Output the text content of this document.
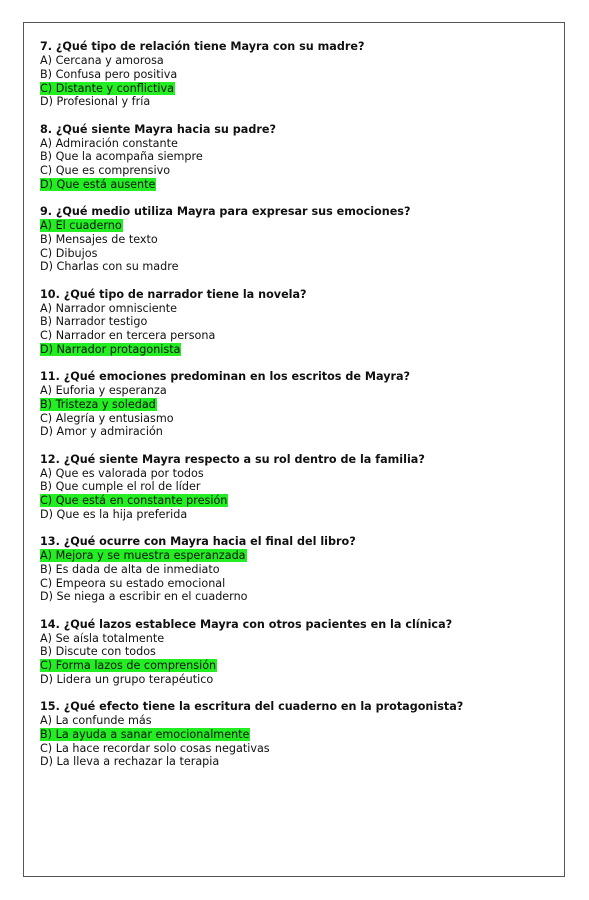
7. ¿Qué tipo de relación tiene Mayra con su madre?
A) Cercana y amorosa
B) Confusa pero positiva
C) Distante y conflictiva
D) Profesional y fría
8. ¿Qué siente Mayra hacia su padre?
A) Admiración constante
B) Que la acompaña siempre
C) Que es comprensivo
D) Que está ausente
9. ¿Qué medio utiliza Mayra para expresar sus emociones?
A) El cuaderno
B) Mensajes de texto
C) Dibujos
D) Charlas con su madre
10. ¿Qué tipo de narrador tiene la novela?
A) Narrador omnisciente
B) Narrador testigo
C) Narrador en tercera persona
D) Narrador protagonista
11. ¿Qué emociones predominan en los escritos de Mayra?
A) Euforia y esperanza
B) Tristeza y soledad
C) Alegría y entusiasmo
D) Amor y admiración
12. ¿Qué siente Mayra respecto a su rol dentro de la familia?
A) Que es valorada por todos
B) Que cumple el rol de líder
C) Que está en constante presión
D) Que es la hija preferida
13. ¿Qué ocurre con Mayra hacia el final del libro?
A) Mejora y se muestra esperanzada
B) Es dada de alta de inmediato
C) Empeora su estado emocional
D) Se niega a escribir en el cuaderno
14. ¿Qué lazos establece Mayra con otros pacientes en la clínica?
A) Se aísla totalmente
B) Discute con todos
C) Forma lazos de comprensión
D) Lidera un grupo terapéutico
15. ¿Qué efecto tiene la escritura del cuaderno en la protagonista?
A) La confunde más
B) La ayuda a sanar emocionalmente
C) La hace recordar solo cosas negativas
D) La lleva a rechazar la terapia
